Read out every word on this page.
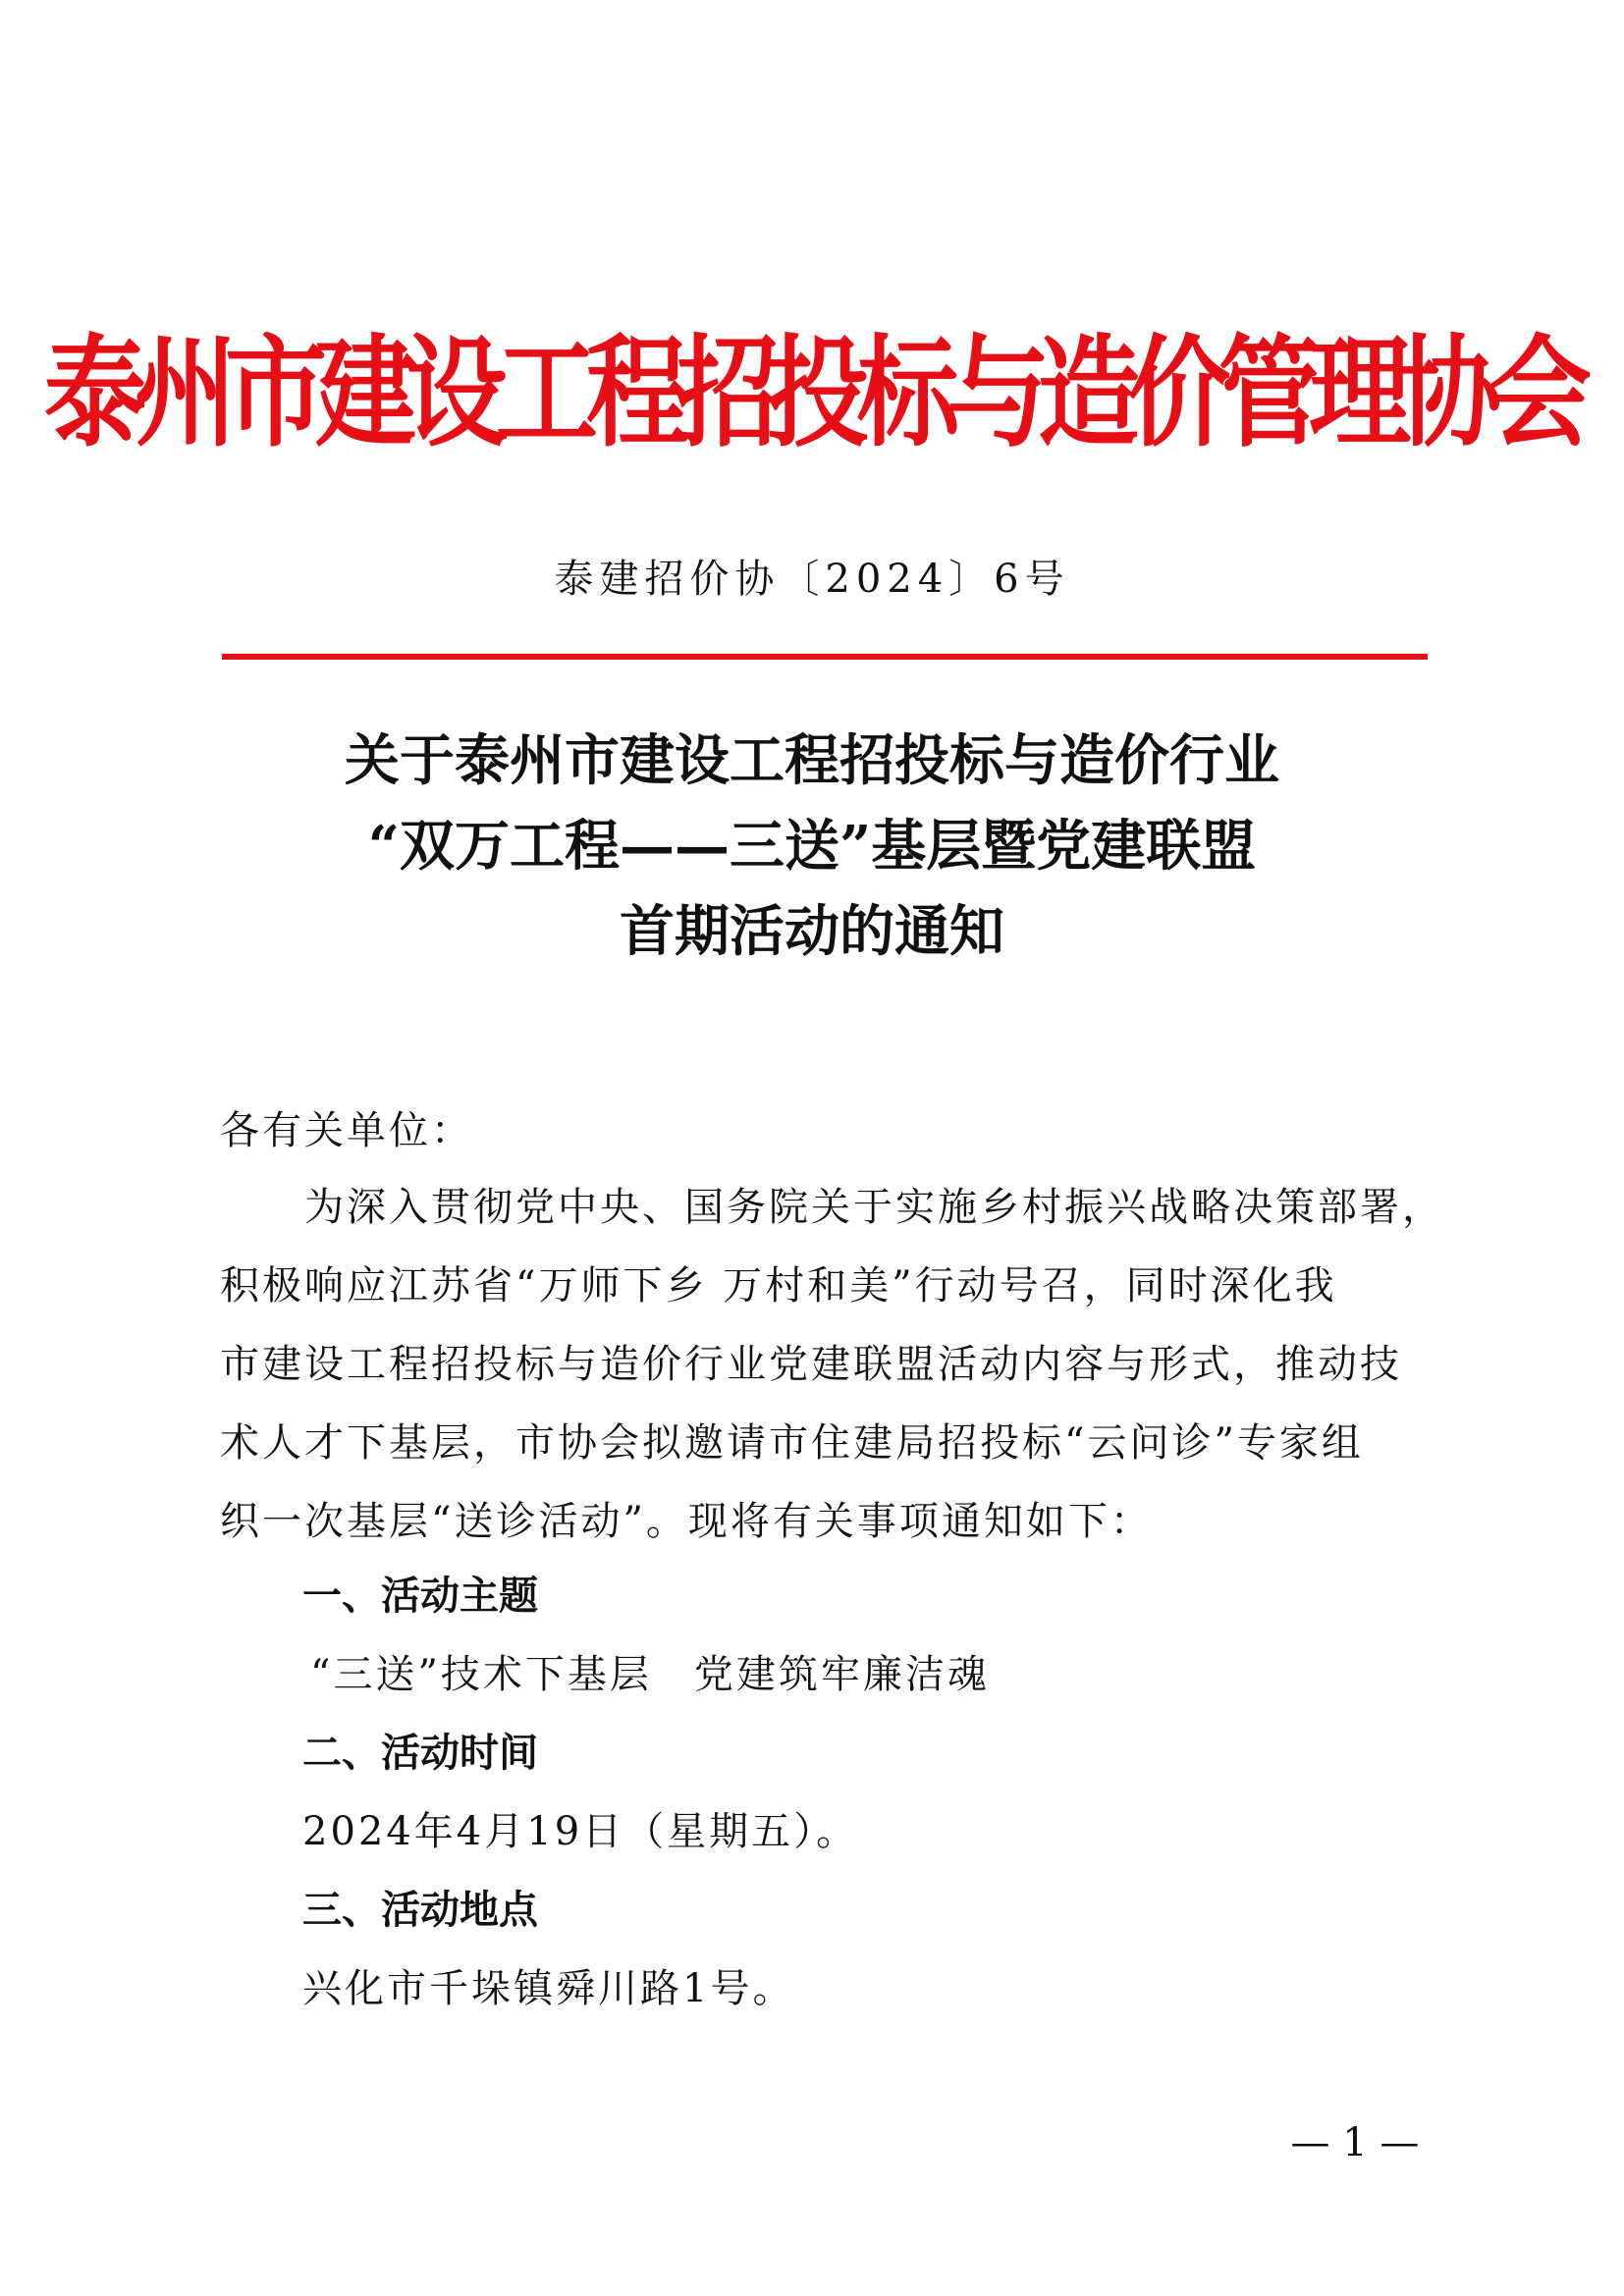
泰州市建设工程招投标与造价管理协会
泰建招价协〔2024〕6号
关于泰州市建设工程招投标与造价行业
“双万工程——三送”基层暨党建联盟
首期活动的通知
各有关单位：
　　为深入贯彻党中央、国务院关于实施乡村振兴战略决策部署，
积极响应江苏省“万师下乡 万村和美”行动号召，同时深化我
市建设工程招投标与造价行业党建联盟活动内容与形式，推动技
术人才下基层，市协会拟邀请市住建局招投标“云问诊”专家组
织一次基层“送诊活动”。现将有关事项通知如下：
一、活动主题
“三送”技术下基层　党建筑牢廉洁魂
二、活动时间
2024年4月19日（星期五）。
三、活动地点
兴化市千垛镇舜川路1号。
— 1 —
